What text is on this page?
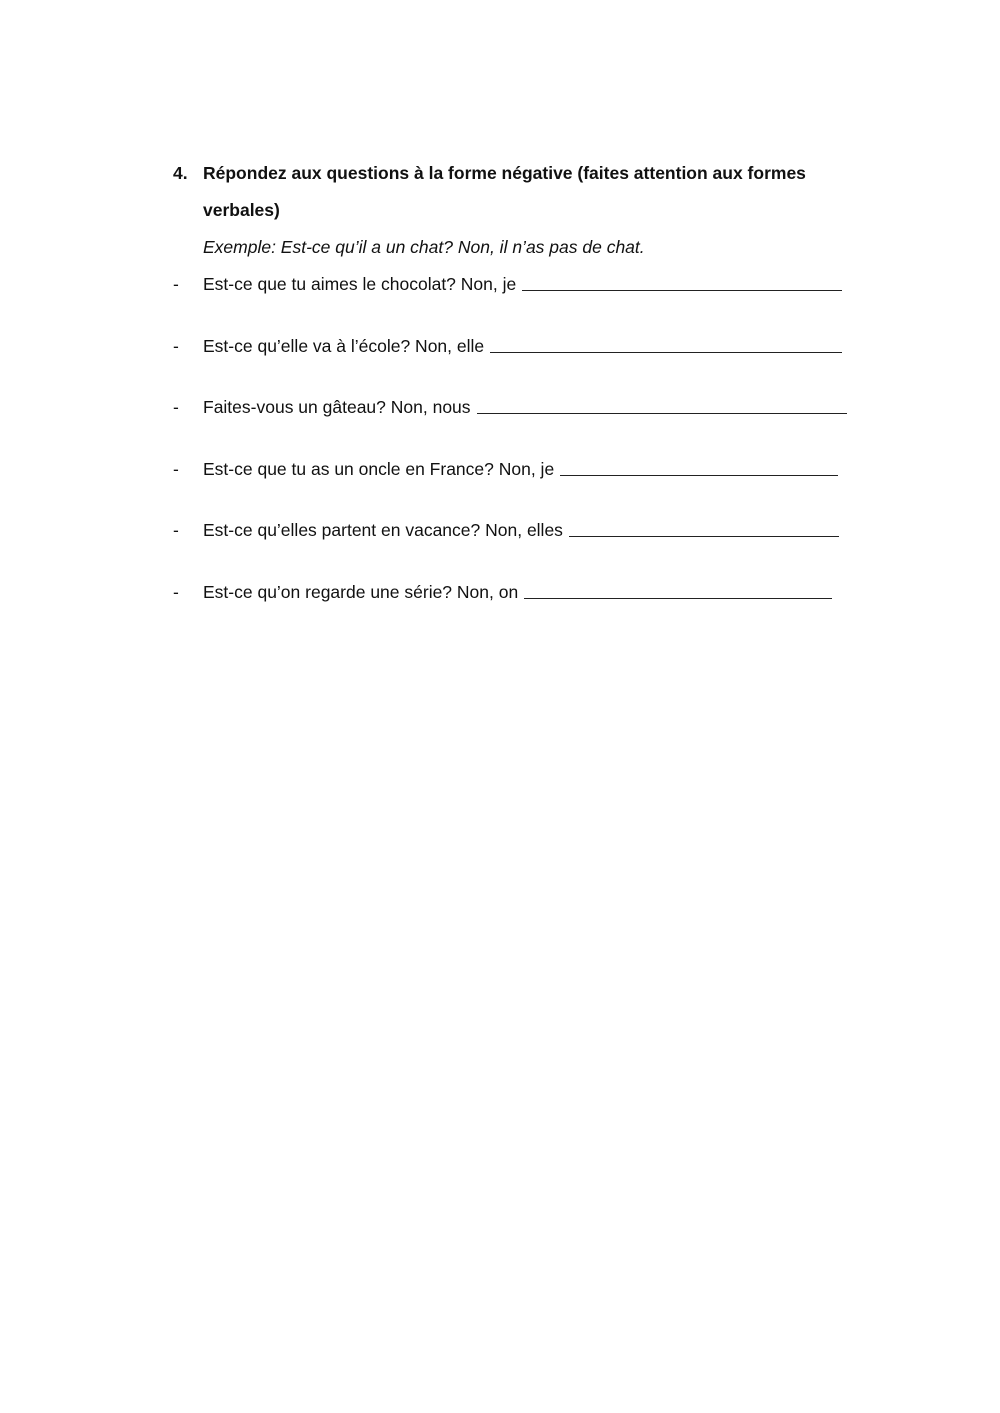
4. Répondez aux questions à la forme négative (faites attention aux formes verbales)
Exemple: Est-ce qu’il a un chat? Non, il n’as pas de chat.
-	Est-ce que tu aimes le chocolat? Non, je
-	Est-ce qu’elle va à l’école? Non, elle
-	Faites-vous un gâteau? Non, nous
-	Est-ce que tu as un oncle en France? Non, je
-	Est-ce qu’elles partent en vacance? Non, elles
-	Est-ce qu’on regarde une série? Non, on
